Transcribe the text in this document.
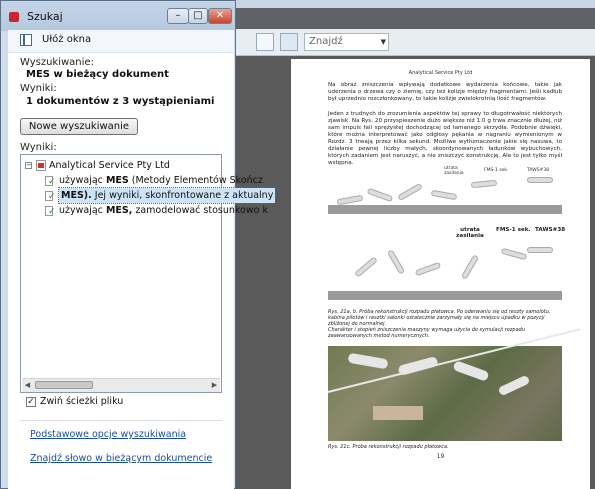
Znajdź	▼
Analytical Service Pty Ltd
Na obraz zniszczenia wpływają dodatkowe wydarzenia końcowe, takie jak uderzenia o drzewa czy o ziemię, czy też kolizje między fragmentami. Jeśli kadłub był uprzednio rozczłonkowany, to takie kolizje zwielokrotnią ilość fragmentów.
Jeden z trudnych do zrozumienia aspektów tej sprawy to długotrwałość niektórych zjawisk. Na Rys. 20 przyspieszenie dużo większe niż 1.0 g trwa znacznie dłużej, niż sam impuls fali sprężystej dochodzącej od łamanego skrzydła. Podobnie dźwięki, które można interpretować jako odgłosy pękania w nagraniu wymienionym w Rozdz. 3 trwają przez kilka sekund. Możliwe wytłumaczenie jakie się nasuwa, to działanie pewnej liczby małych, skoordynowanych ładunków wybuchowych, których zadaniem jest naruszyć, a nie zniszczyć konstrukcję. Ale to jest tylko myśl wstępna.
utrata zasilania
FMS-1 sek.	TAWS#38
utrata zasilania
FMS-1 sek. TAWS#38
Rys. 21a, b. Próba rekonstrukcji rozpadu płatowca. Po oderwaniu się od reszty samolotu, kabina pilotów i resztki salonki ostatecznie zarzymały się na miejscu upadku w pozycji zbliżonej do normalnej.
Charakter i stopień zniszczenia maszyny wymaga użycia do symulacji rozpadu zaawansowanych metod numerycznych.
Rys. 21c. Próba rekonstrukcji rozpadu płatowca.
19
Szukaj	–	□	✕
Ułóż okna
Wyszukiwanie:
MES w bieżący dokument
Wyniki:
1 dokumentów z 3 wystąpieniami
Nowe wyszukiwanie
Wyniki:
− Analytical Service Pty Ltd
✓ używając MES (Metody Elementów Skończ
✓ MES). Jej wyniki, skonfrontowane z aktualny
✓ używając MES, zamodelować stosunkowo k
◀	▶
✓ Zwiń ścieżki pliku
Podstawowe opcje wyszukiwania
Znajdź słowo w bieżącym dokumencie
